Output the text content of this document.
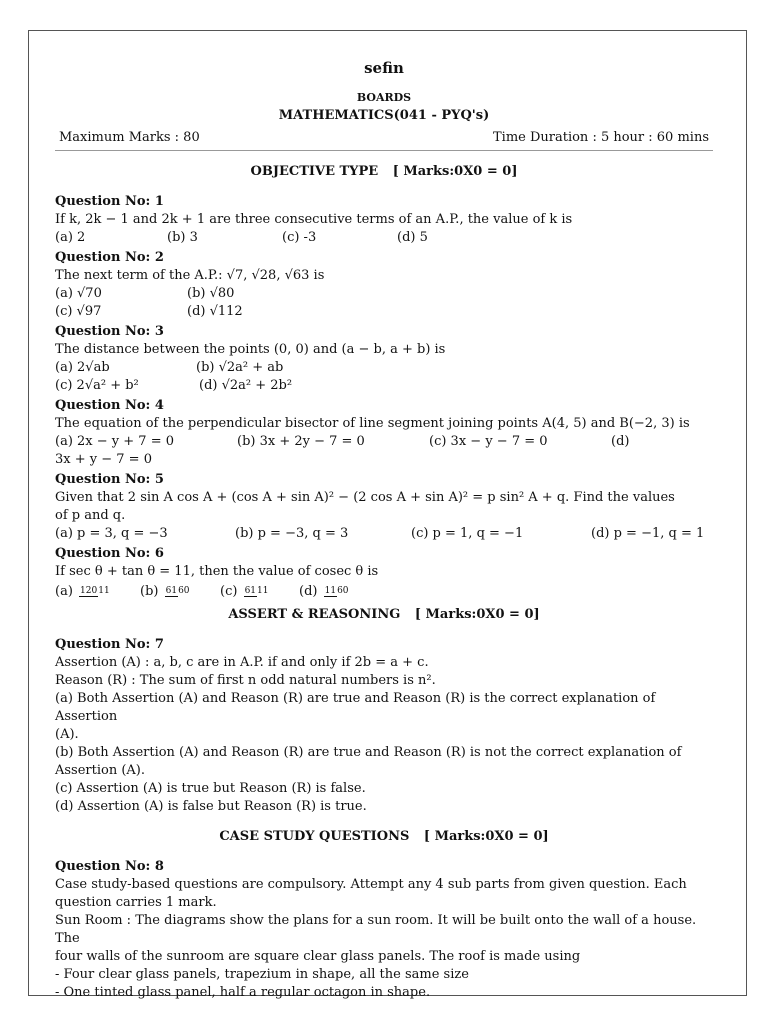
sefin
BOARDS
MATHEMATICS(041 - PYQ's)
Maximum Marks : 80	Time Duration : 5 hour : 60 mins
OBJECTIVE TYPE [ Marks:0X0 = 0]
Question No: 1
If k, 2k − 1 and 2k + 1 are three consecutive terms of an A.P., the value of k is
(a) 2	(b) 3	(c) -3	(d) 5
Question No: 2
The next term of the A.P.: √7, √28, √63 is
(a) √70	(b) √80
(c) √97	(d) √112
Question No: 3
The distance between the points (0, 0) and (a − b, a + b) is
(a) 2√ab	(b) √2a² + ab
(c) 2√a² + b²	(d) √2a² + 2b²
Question No: 4
The equation of the perpendicular bisector of line segment joining points A(4, 5) and B(−2, 3) is
(a) 2x − y + 7 = 0	(b) 3x + 2y − 7 = 0	(c) 3x − y − 7 = 0	(d)
3x + y − 7 = 0
Question No: 5
Given that 2 sin A cos A + (cos A + sin A)² − (2 cos A + sin A)² = p sin² A + q. Find the values
of p and q.
(a) p = 3, q = −3	(b) p = −3, q = 3	(c) p = 1, q = −1	(d) p = −1, q = 1
Question No: 6
If sec θ + tan θ = 11, then the value of cosec θ is
(a) 12011	(b) 6160	(c) 6111	(d) 1160
ASSERT & REASONING [ Marks:0X0 = 0]
Question No: 7
Assertion (A) : a, b, c are in A.P. if and only if 2b = a + c.
Reason (R) : The sum of first n odd natural numbers is n².
(a) Both Assertion (A) and Reason (R) are true and Reason (R) is the correct explanation of Assertion
(A).
(b) Both Assertion (A) and Reason (R) are true and Reason (R) is not the correct explanation of
Assertion (A).
(c) Assertion (A) is true but Reason (R) is false.
(d) Assertion (A) is false but Reason (R) is true.
CASE STUDY QUESTIONS [ Marks:0X0 = 0]
Question No: 8
Case study-based questions are compulsory. Attempt any 4 sub parts from given question. Each
question carries 1 mark.
Sun Room : The diagrams show the plans for a sun room. It will be built onto the wall of a house. The
four walls of the sunroom are square clear glass panels. The roof is made using
- Four clear glass panels, trapezium in shape, all the same size
- One tinted glass panel, half a regular octagon in shape.
